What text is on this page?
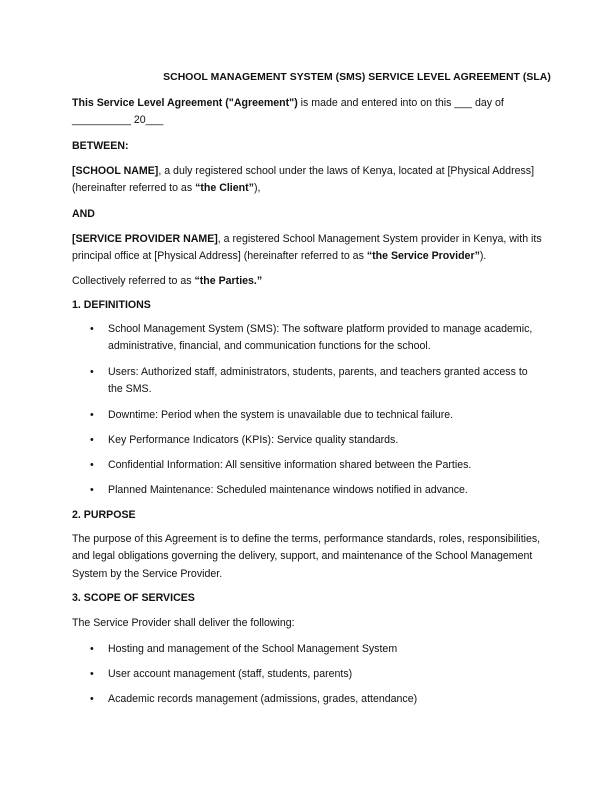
SCHOOL MANAGEMENT SYSTEM (SMS) SERVICE LEVEL AGREEMENT (SLA)
This Service Level Agreement ("Agreement") is made and entered into on this ___ day of
__________ 20___
BETWEEN:
[SCHOOL NAME], a duly registered school under the laws of Kenya, located at [Physical Address] (hereinafter referred to as “the Client”),
AND
[SERVICE PROVIDER NAME], a registered School Management System provider in Kenya, with its principal office at [Physical Address] (hereinafter referred to as “the Service Provider”).
Collectively referred to as “the Parties.”
1. DEFINITIONS
• School Management System (SMS): The software platform provided to manage academic, administrative, financial, and communication functions for the school.
• Users: Authorized staff, administrators, students, parents, and teachers granted access to the SMS.
• Downtime: Period when the system is unavailable due to technical failure.
• Key Performance Indicators (KPIs): Service quality standards.
• Confidential Information: All sensitive information shared between the Parties.
• Planned Maintenance: Scheduled maintenance windows notified in advance.
2. PURPOSE
The purpose of this Agreement is to define the terms, performance standards, roles, responsibilities, and legal obligations governing the delivery, support, and maintenance of the School Management System by the Service Provider.
3. SCOPE OF SERVICES
The Service Provider shall deliver the following:
• Hosting and management of the School Management System
• User account management (staff, students, parents)
• Academic records management (admissions, grades, attendance)
